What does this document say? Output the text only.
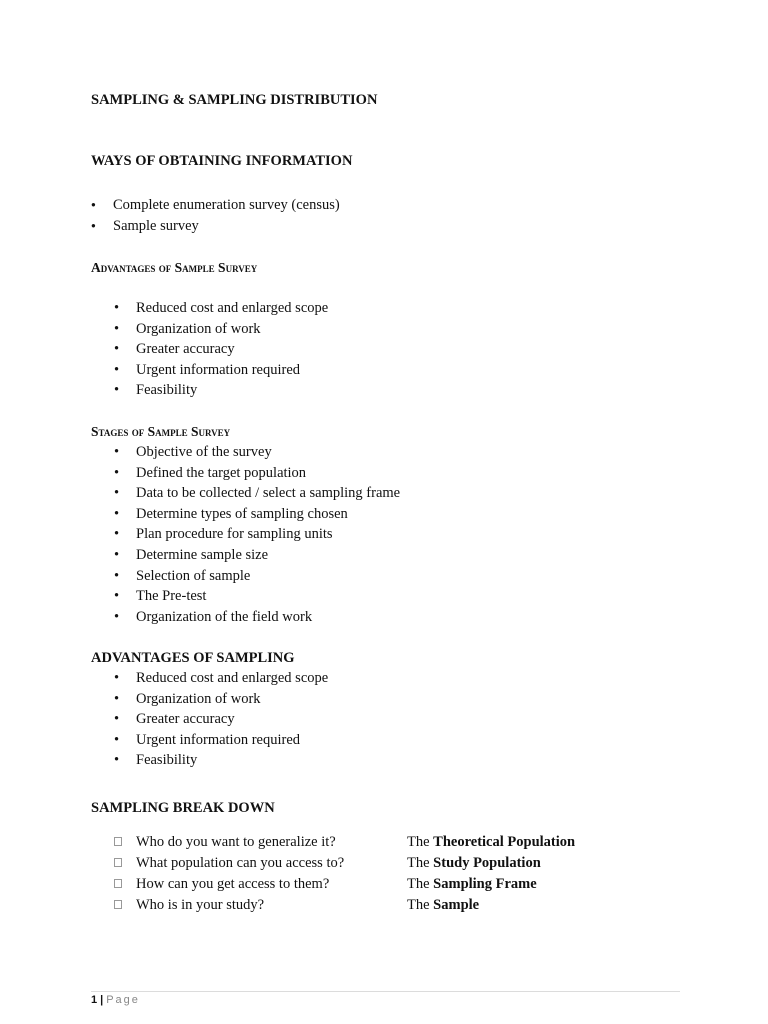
SAMPLING & SAMPLING DISTRIBUTION
WAYS OF OBTAINING INFORMATION
● Complete enumeration survey (census)
● Sample survey
Advantages of Sample Survey
• Reduced cost and enlarged scope
• Organization of work
• Greater accuracy
• Urgent information required
• Feasibility
Stages of Sample Survey
• Objective of the survey
• Defined the target population
• Data to be collected / select a sampling frame
• Determine types of sampling chosen
• Plan procedure for sampling units
• Determine sample size
• Selection of sample
• The Pre-test
• Organization of the field work
ADVANTAGES OF SAMPLING
• Reduced cost and enlarged scope
• Organization of work
• Greater accuracy
• Urgent information required
• Feasibility
SAMPLING BREAK DOWN
Who do you want to generalize it?	The Theoretical Population
What population can you access to?	The Study Population
How can you get access to them?	The Sampling Frame
Who is in your study?	The Sample
1 | Page
